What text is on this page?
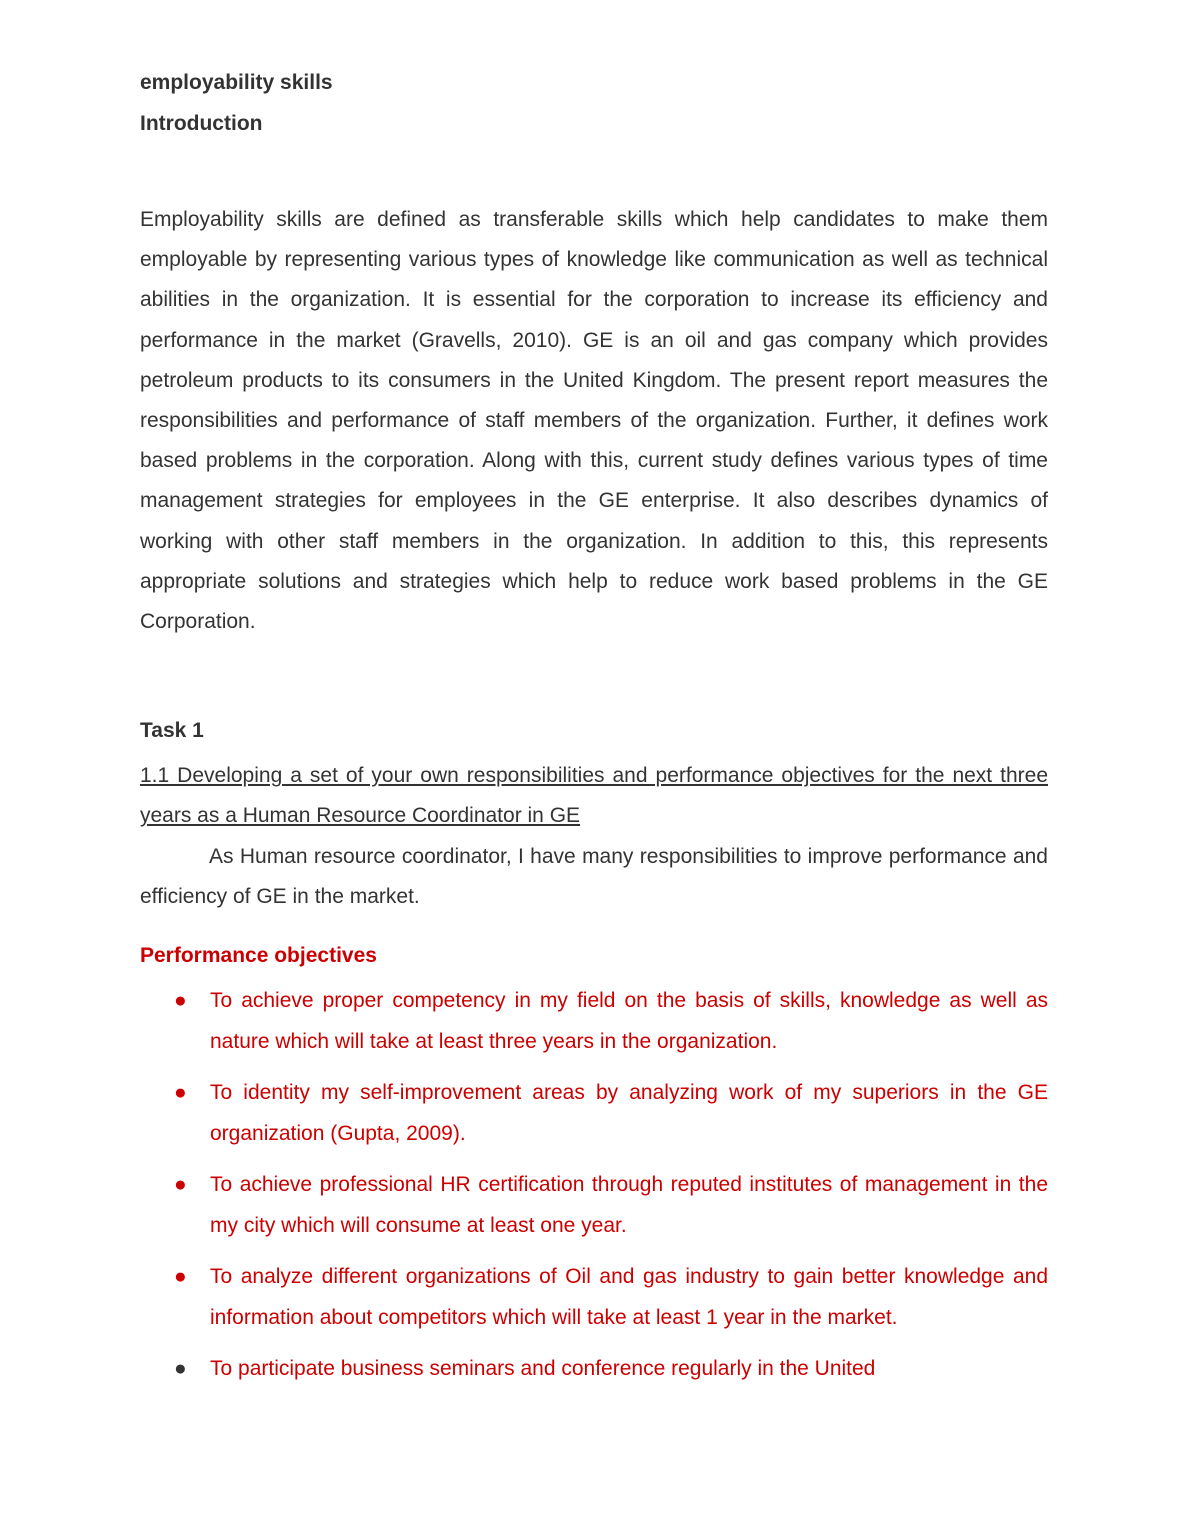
employability skills
Introduction

Employability skills are defined as transferable skills which help candidates to make them employable by representing various types of knowledge like communication as well as technical abilities in the organization. It is essential for the corporation to increase its efficiency and performance in the market (Gravells, 2010). GE is an oil and gas company which provides petroleum products to its consumers in the United Kingdom. The present report measures the responsibilities and performance of staff members of the organization. Further, it defines work based problems in the corporation. Along with this, current study defines various types of time management strategies for employees in the GE enterprise. It also describes dynamics of working with other staff members in the organization. In addition to this, this represents appropriate solutions and strategies which help to reduce work based problems in the GE Corporation.

Task 1

1.1 Developing a set of your own responsibilities and performance objectives for the next three years as a Human Resource Coordinator in GE

As Human resource coordinator, I have many responsibilities to improve performance and efficiency of GE in the market.

Performance objectives
● To achieve proper competency in my field on the basis of skills, knowledge as well as nature which will take at least three years in the organization.
● To identity my self-improvement areas by analyzing work of my superiors in the GE organization (Gupta, 2009).
● To achieve professional HR certification through reputed institutes of management in the my city which will consume at least one year.
● To analyze different organizations of Oil and gas industry to gain better knowledge and information about competitors which will take at least 1 year in the market.
● To participate business seminars and conference regularly in the United
